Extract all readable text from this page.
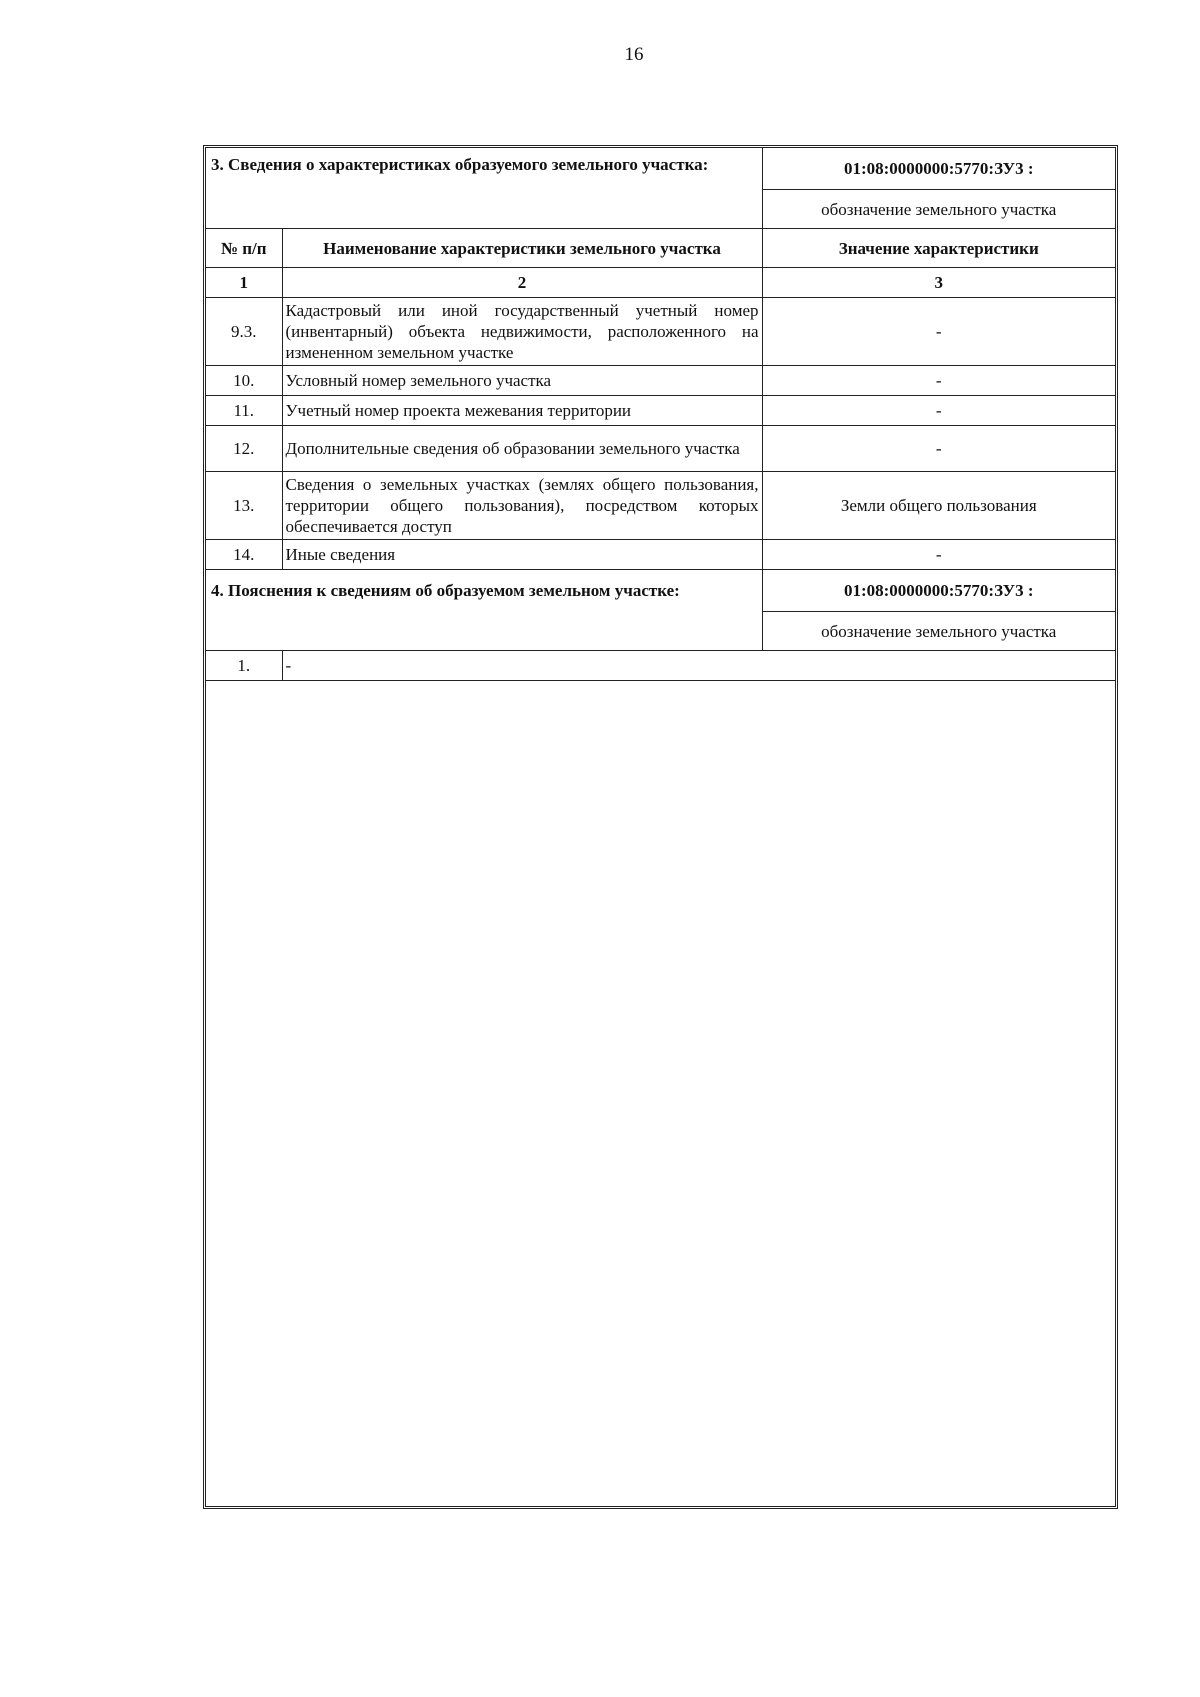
16
3. Сведения о характеристиках образуемого земельного участка:		01:08:0000000:5770:ЗУ3 :
		обозначение земельного участка
№ п/п	Наименование характеристики земельного участка	Значение характеристики
1	2	3
9.3.	Кадастровый или иной государственный учетный номер (инвентарный) объекта недвижимости, расположенного на измененном земельном участке	-
10.	Условный номер земельного участка	-
11.	Учетный номер проекта межевания территории	-
12.	Дополнительные сведения об образовании земельного участка	-
13.	Сведения о земельных участках (землях общего пользования, территории общего пользования), посредством которых обеспечивается доступ	Земли общего пользования
14.	Иные сведения	-
4. Пояснения к сведениям об образуемом земельном участке:		01:08:0000000:5770:ЗУ3 :
		обозначение земельного участка
1.	-	
